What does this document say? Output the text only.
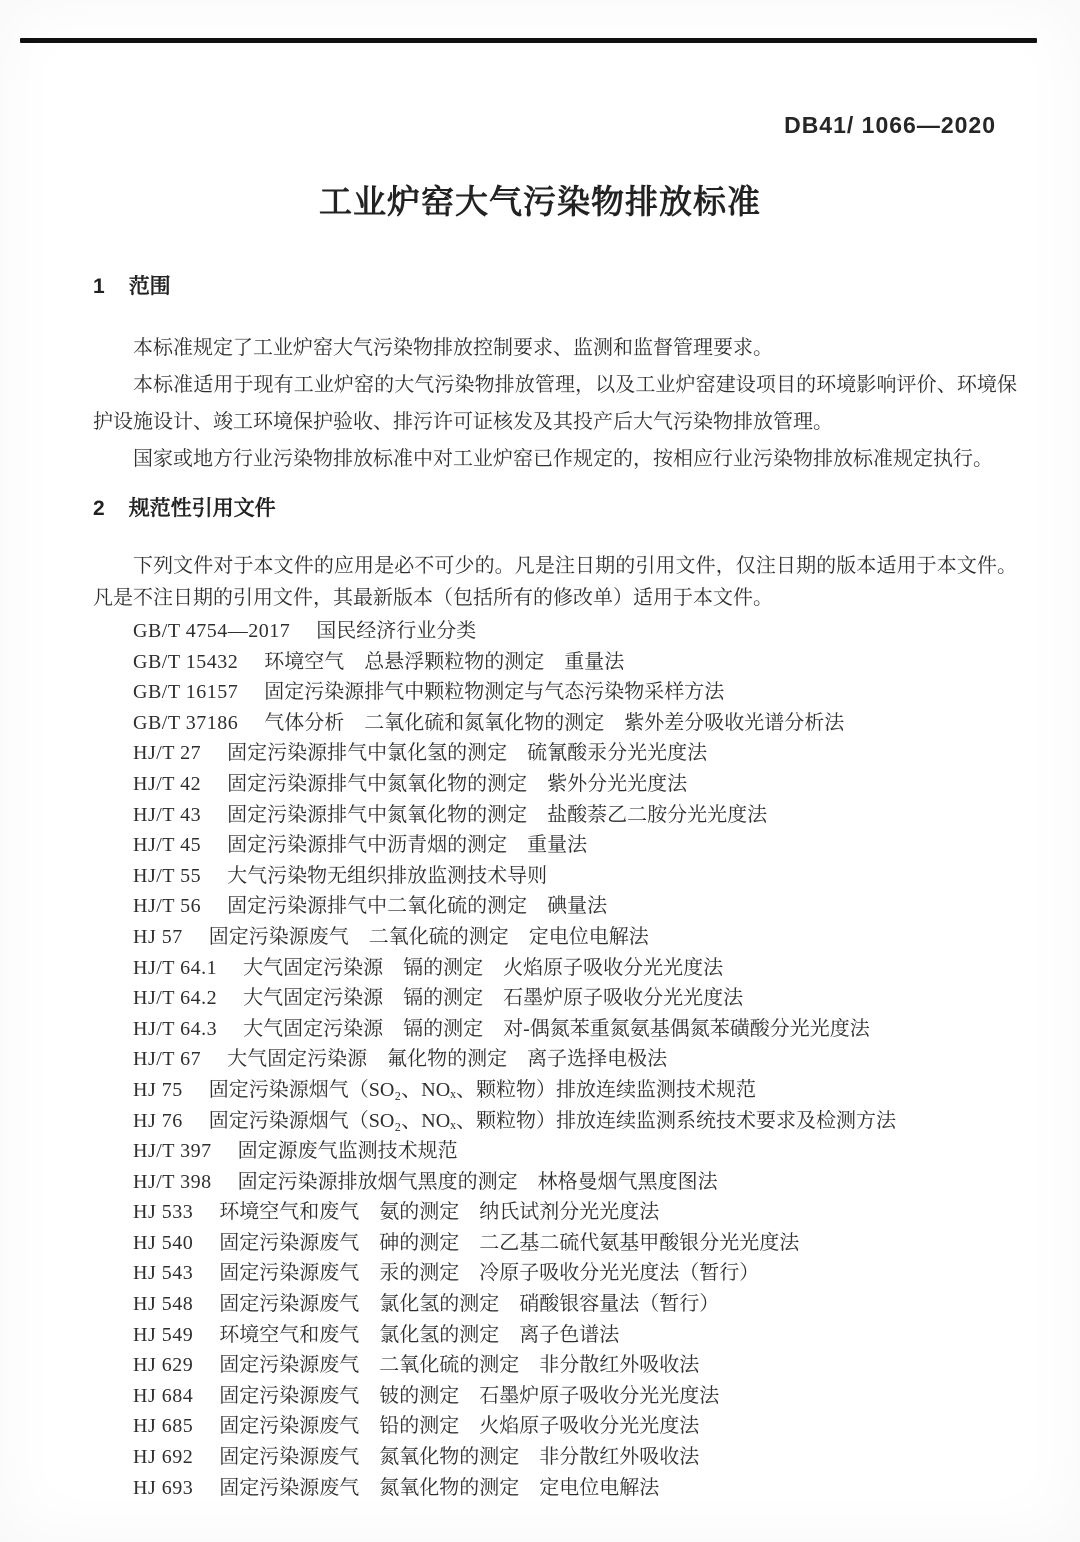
DB41/ 1066—2020
工业炉窑大气污染物排放标准
1 范围

本标准规定了工业炉窑大气污染物排放控制要求、监测和监督管理要求。

本标准适用于现有工业炉窑的大气污染物排放管理，以及工业炉窑建设项目的环境影响评价、环境保护设施设计、竣工环境保护验收、排污许可证核发及其投产后大气污染物排放管理。

国家或地方行业污染物排放标准中对工业炉窑已作规定的，按相应行业污染物排放标准规定执行。

2 规范性引用文件

下列文件对于本文件的应用是必不可少的。凡是注日期的引用文件，仅注日期的版本适用于本文件。凡是不注日期的引用文件，其最新版本（包括所有的修改单）适用于本文件。

GB/T 4754—2017 国民经济行业分类
GB/T 15432 环境空气　总悬浮颗粒物的测定　重量法
GB/T 16157 固定污染源排气中颗粒物测定与气态污染物采样方法
GB/T 37186 气体分析　二氧化硫和氮氧化物的测定　紫外差分吸收光谱分析法
HJ/T 27 固定污染源排气中氯化氢的测定　硫氰酸汞分光光度法
HJ/T 42 固定污染源排气中氮氧化物的测定　紫外分光光度法
HJ/T 43 固定污染源排气中氮氧化物的测定　盐酸萘乙二胺分光光度法
HJ/T 45 固定污染源排气中沥青烟的测定　重量法
HJ/T 55 大气污染物无组织排放监测技术导则
HJ/T 56 固定污染源排气中二氧化硫的测定　碘量法
HJ 57 固定污染源废气　二氧化硫的测定　定电位电解法
HJ/T 64.1 大气固定污染源　镉的测定　火焰原子吸收分光光度法
HJ/T 64.2 大气固定污染源　镉的测定　石墨炉原子吸收分光光度法
HJ/T 64.3 大气固定污染源　镉的测定　对-偶氮苯重氮氨基偶氮苯磺酸分光光度法
HJ/T 67 大气固定污染源　氟化物的测定　离子选择电极法
HJ 75 固定污染源烟气（SO₂、NOₓ、颗粒物）排放连续监测技术规范
HJ 76 固定污染源烟气（SO₂、NOₓ、颗粒物）排放连续监测系统技术要求及检测方法
HJ/T 397 固定源废气监测技术规范
HJ/T 398 固定污染源排放烟气黑度的测定　林格曼烟气黑度图法
HJ 533 环境空气和废气　氨的测定　纳氏试剂分光光度法
HJ 540 固定污染源废气　砷的测定　二乙基二硫代氨基甲酸银分光光度法
HJ 543 固定污染源废气　汞的测定　冷原子吸收分光光度法（暂行）
HJ 548 固定污染源废气　氯化氢的测定　硝酸银容量法（暂行）
HJ 549 环境空气和废气　氯化氢的测定　离子色谱法
HJ 629 固定污染源废气　二氧化硫的测定　非分散红外吸收法
HJ 684 固定污染源废气　铍的测定　石墨炉原子吸收分光光度法
HJ 685 固定污染源废气　铅的测定　火焰原子吸收分光光度法
HJ 692 固定污染源废气　氮氧化物的测定　非分散红外吸收法
HJ 693 固定污染源废气　氮氧化物的测定　定电位电解法
